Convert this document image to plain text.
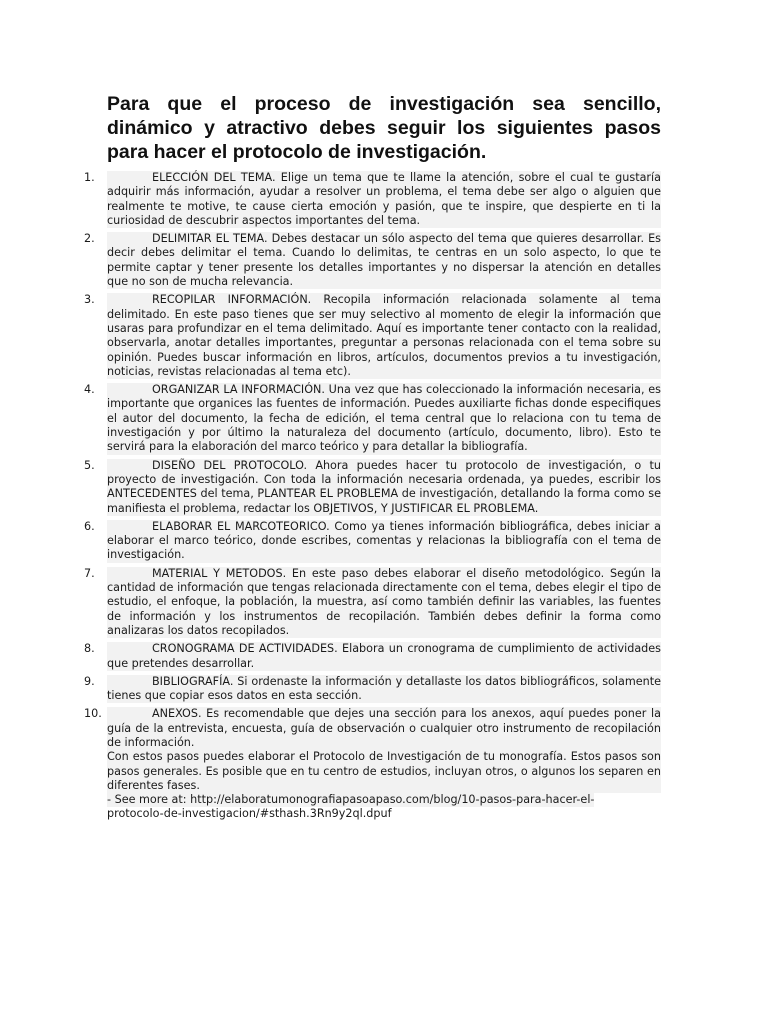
Para que el proceso de investigación sea sencillo, dinámico y atractivo debes seguir los siguientes pasos para hacer el protocolo de investigación.
1.	ELECCIÓN DEL TEMA. Elige un tema que te llame la atención, sobre el cual te gustaría adquirir más información, ayudar a resolver un problema, el tema debe ser algo o alguien que realmente te motive, te cause cierta emoción y pasión, que te inspire, que despierte en ti la curiosidad de descubrir aspectos importantes del tema.
2.	DELIMITAR EL TEMA. Debes destacar un sólo aspecto del tema que quieres desarrollar. Es decir debes delimitar el tema. Cuando lo delimitas, te centras en un solo aspecto, lo que te permite captar y tener presente los detalles importantes y no dispersar la atención en detalles que no son de mucha relevancia.
3.	RECOPILAR INFORMACIÓN. Recopila información relacionada solamente al tema delimitado. En este paso tienes que ser muy selectivo al momento de elegir la información que usaras para profundizar en el tema delimitado. Aquí es importante tener contacto con la realidad, observarla, anotar detalles importantes, preguntar a personas relacionada con el tema sobre su opinión. Puedes buscar información en libros, artículos, documentos previos a tu investigación, noticias, revistas relacionadas al tema etc).
4.	ORGANIZAR LA INFORMACIÓN. Una vez que has coleccionado la información necesaria, es importante que organices las fuentes de información. Puedes auxiliarte fichas donde especifiques el autor del documento, la fecha de edición, el tema central que lo relaciona con tu tema de investigación y por último la naturaleza del documento (artículo, documento, libro). Esto te servirá para la elaboración del marco teórico y para detallar la bibliografía.
5.	DISEÑO DEL PROTOCOLO. Ahora puedes hacer tu protocolo de investigación, o tu proyecto de investigación. Con toda la información necesaria ordenada, ya puedes, escribir los ANTECEDENTES del tema, PLANTEAR EL PROBLEMA de investigación, detallando la forma como se manifiesta el problema, redactar los OBJETIVOS, Y JUSTIFICAR EL PROBLEMA.
6.	ELABORAR EL MARCOTEORICO. Como ya tienes información bibliográfica, debes iniciar a elaborar el marco teórico, donde escribes, comentas y relacionas la bibliografía con el tema de investigación.
7.	MATERIAL Y METODOS. En este paso debes elaborar el diseño metodológico. Según la cantidad de información que tengas relacionada directamente con el tema, debes elegir el tipo de estudio, el enfoque, la población, la muestra, así como también definir las variables, las fuentes de información y los instrumentos de recopilación. También debes definir la forma como analizaras los datos recopilados.
8.	CRONOGRAMA DE ACTIVIDADES. Elabora un cronograma de cumplimiento de actividades que pretendes desarrollar.
9.	BIBLIOGRAFÍA. Si ordenaste la información y detallaste los datos bibliográficos, solamente tienes que copiar esos datos en esta sección.
10.	ANEXOS. Es recomendable que dejes una sección para los anexos, aquí puedes poner la guía de la entrevista, encuesta, guía de observación o cualquier otro instrumento de recopilación de información.
Con estos pasos puedes elaborar el Protocolo de Investigación de tu monografía. Estos pasos son pasos generales. Es posible que en tu centro de estudios, incluyan otros, o algunos los separen en diferentes fases.
- See more at: http://elaboratumonografiapasoapaso.com/blog/10-pasos-para-hacer-el-
protocolo-de-investigacion/#sthash.3Rn9y2ql.dpuf
